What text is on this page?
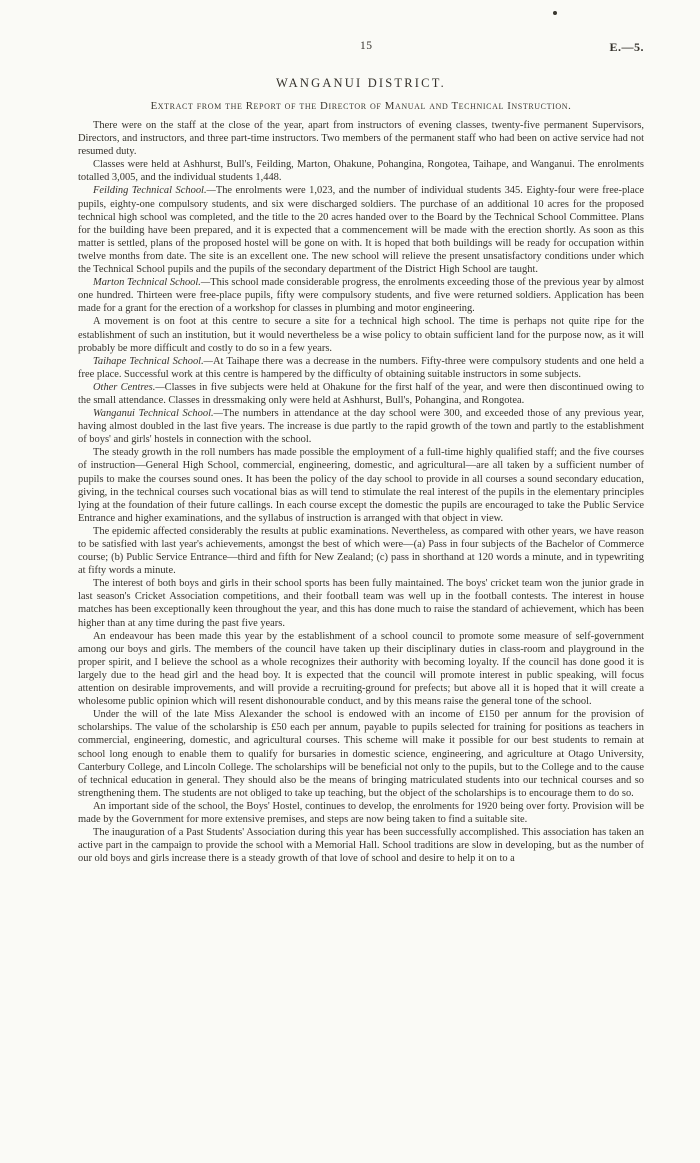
15	E.—5.
WANGANUI DISTRICT.
Extract from the Report of the Director of Manual and Technical Instruction.

There were on the staff at the close of the year, apart from instructors of evening classes, twenty-five permanent Supervisors, Directors, and instructors, and three part-time instructors. Two members of the permanent staff who had been on active service had not resumed duty.

Classes were held at Ashhurst, Bull's, Feilding, Marton, Ohakune, Pohangina, Rongotea, Taihape, and Wanganui. The enrolments totalled 3,005, and the individual students 1,448.

Feilding Technical School.—The enrolments were 1,023, and the number of individual students 345. Eighty-four were free-place pupils, eighty-one compulsory students, and six were discharged soldiers. The purchase of an additional 10 acres for the proposed technical high school was completed, and the title to the 20 acres handed over to the Board by the Technical School Committee. Plans for the building have been prepared, and it is expected that a commencement will be made with the erection shortly. As soon as this matter is settled, plans of the proposed hostel will be gone on with. It is hoped that both buildings will be ready for occupation within twelve months from date. The site is an excellent one. The new school will relieve the present unsatisfactory conditions under which the Technical School pupils and the pupils of the secondary department of the District High School are taught.

Marton Technical School.—This school made considerable progress, the enrolments exceeding those of the previous year by almost one hundred. Thirteen were free-place pupils, fifty were compulsory students, and five were returned soldiers. Application has been made for a grant for the erection of a workshop for classes in plumbing and motor engineering.

A movement is on foot at this centre to secure a site for a technical high school. The time is perhaps not quite ripe for the establishment of such an institution, but it would nevertheless be a wise policy to obtain sufficient land for the purpose now, as it will probably be more difficult and costly to do so in a few years.

Taihape Technical School.—At Taihape there was a decrease in the numbers. Fifty-three were compulsory students and one held a free place. Successful work at this centre is hampered by the difficulty of obtaining suitable instructors in some subjects.

Other Centres.—Classes in five subjects were held at Ohakune for the first half of the year, and were then discontinued owing to the small attendance. Classes in dressmaking only were held at Ashhurst, Bull's, Pohangina, and Rongotea.

Wanganui Technical School.—The numbers in attendance at the day school were 300, and exceeded those of any previous year, having almost doubled in the last five years. The increase is due partly to the rapid growth of the town and partly to the establishment of boys' and girls' hostels in connection with the school.

The steady growth in the roll numbers has made possible the employment of a full-time highly qualified staff; and the five courses of instruction—General High School, commercial, engineering, domestic, and agricultural—are all taken by a sufficient number of pupils to make the courses sound ones. It has been the policy of the day school to provide in all courses a sound secondary education, giving, in the technical courses such vocational bias as will tend to stimulate the real interest of the pupils in the elementary principles lying at the foundation of their future callings. In each course except the domestic the pupils are encouraged to take the Public Service Entrance and higher examinations, and the syllabus of instruction is arranged with that object in view.

The epidemic affected considerably the results at public examinations. Nevertheless, as compared with other years, we have reason to be satisfied with last year's achievements, amongst the best of which were—(a) Pass in four subjects of the Bachelor of Commerce course; (b) Public Service Entrance—third and fifth for New Zealand; (c) pass in shorthand at 120 words a minute, and in typewriting at fifty words a minute.

The interest of both boys and girls in their school sports has been fully maintained. The boys' cricket team won the junior grade in last season's Cricket Association competitions, and their football team was well up in the football contests. The interest in house matches has been exceptionally keen throughout the year, and this has done much to raise the standard of achievement, which has been higher than at any time during the past five years.

An endeavour has been made this year by the establishment of a school council to promote some measure of self-government among our boys and girls. The members of the council have taken up their disciplinary duties in class-room and playground in the proper spirit, and I believe the school as a whole recognizes their authority with becoming loyalty. If the council has done good it is largely due to the head girl and the head boy. It is expected that the council will promote interest in public speaking, will focus attention on desirable improvements, and will provide a recruiting-ground for prefects; but above all it is hoped that it will create a wholesome public opinion which will resent dishonourable conduct, and by this means raise the general tone of the school.

Under the will of the late Miss Alexander the school is endowed with an income of £150 per annum for the provision of scholarships. The value of the scholarship is £50 each per annum, payable to pupils selected for training for positions as teachers in commercial, engineering, domestic, and agricultural courses. This scheme will make it possible for our best students to remain at school long enough to enable them to qualify for bursaries in domestic science, engineering, and agriculture at Otago University, Canterbury College, and Lincoln College. The scholarships will be beneficial not only to the pupils, but to the College and to the cause of technical education in general. They should also be the means of bringing matriculated students into our technical courses and so strengthening them. The students are not obliged to take up teaching, but the object of the scholarships is to encourage them to do so.

An important side of the school, the Boys' Hostel, continues to develop, the enrolments for 1920 being over forty. Provision will be made by the Government for more extensive premises, and steps are now being taken to find a suitable site.

The inauguration of a Past Students' Association during this year has been successfully accomplished. This association has taken an active part in the campaign to provide the school with a Memorial Hall. School traditions are slow in developing, but as the number of our old boys and girls increase there is a steady growth of that love of school and desire to help it on to a
